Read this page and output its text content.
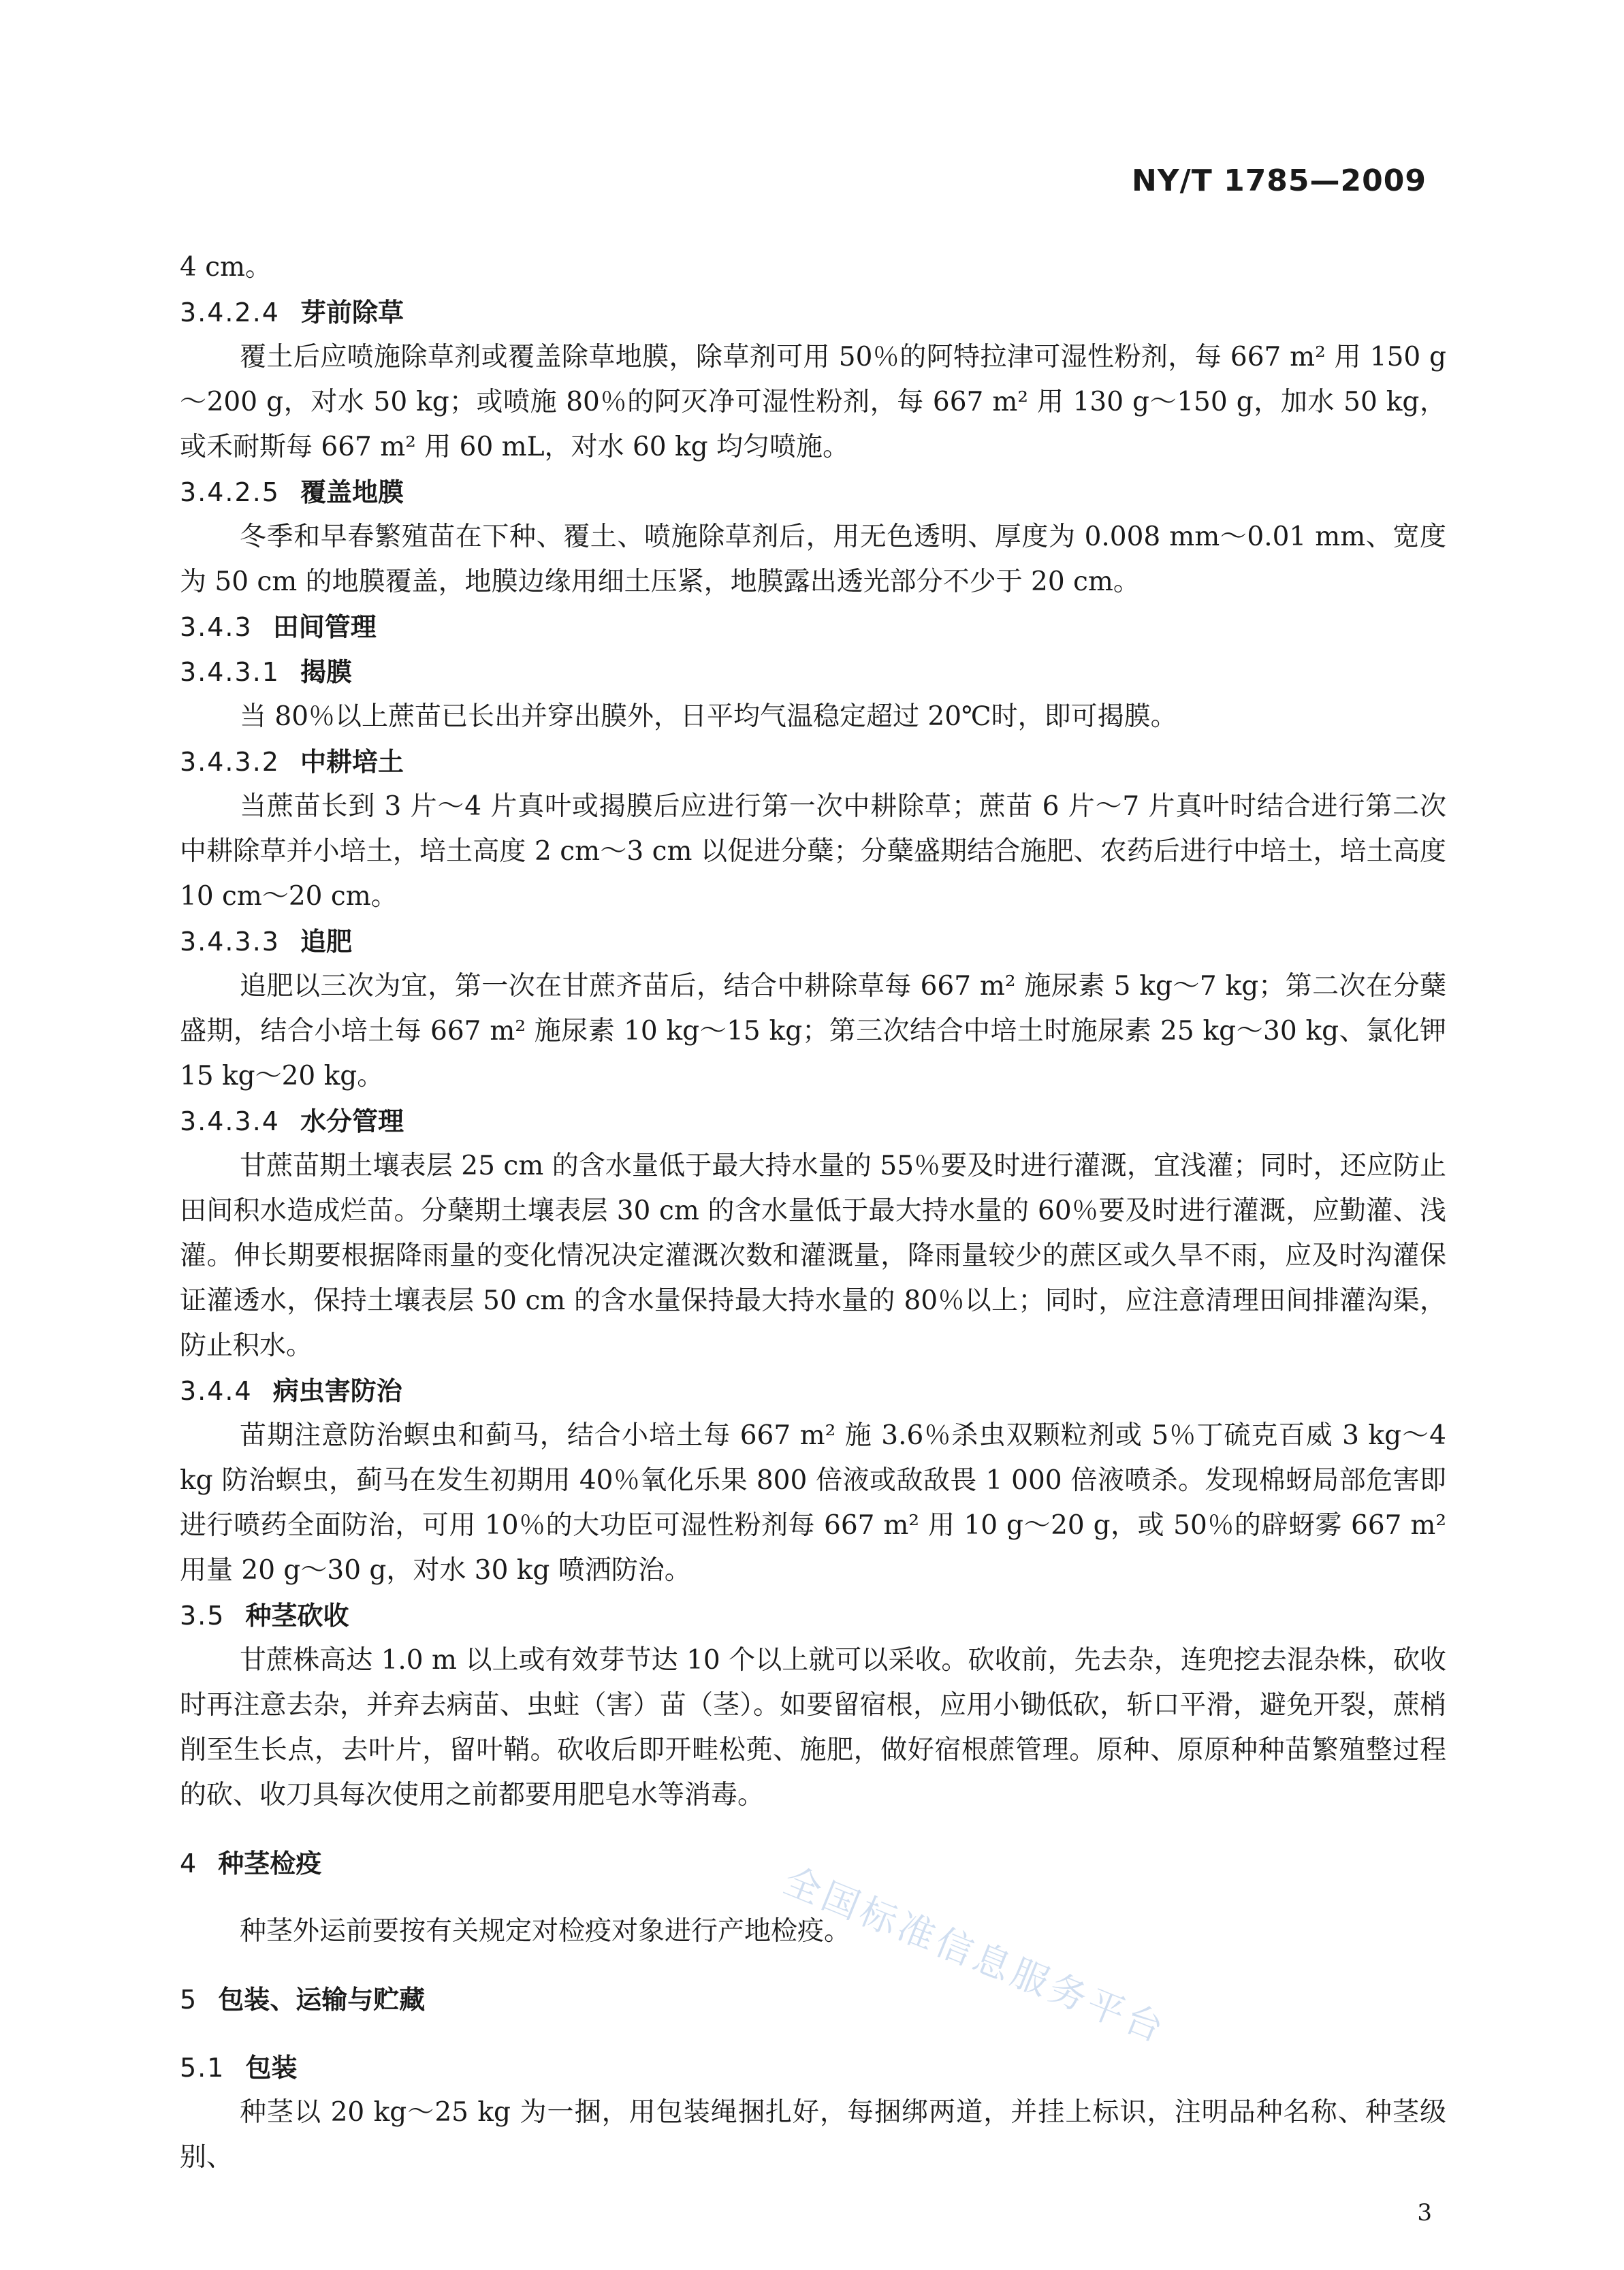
NY/T 1785—2009

4 cm。

3.4.2.4 芽前除草

覆土后应喷施除草剂或覆盖除草地膜，除草剂可用 50％的阿特拉津可湿性粉剂，每 667 m² 用 150 g～200 g，对水 50 kg；或喷施 80％的阿灭净可湿性粉剂，每 667 m² 用 130 g～150 g，加水 50 kg，或禾耐斯每 667 m² 用 60 mL，对水 60 kg 均匀喷施。

3.4.2.5 覆盖地膜

冬季和早春繁殖苗在下种、覆土、喷施除草剂后，用无色透明、厚度为 0.008 mm～0.01 mm、宽度为 50 cm 的地膜覆盖，地膜边缘用细土压紧，地膜露出透光部分不少于 20 cm。

3.4.3 田间管理
3.4.3.1 揭膜

当 80％以上蔗苗已长出并穿出膜外，日平均气温稳定超过 20℃时，即可揭膜。

3.4.3.2 中耕培土

当蔗苗长到 3 片～4 片真叶或揭膜后应进行第一次中耕除草；蔗苗 6 片～7 片真叶时结合进行第二次中耕除草并小培土，培土高度 2 cm～3 cm 以促进分蘖；分蘖盛期结合施肥、农药后进行中培土，培土高度 10 cm～20 cm。

3.4.3.3 追肥

追肥以三次为宜，第一次在甘蔗齐苗后，结合中耕除草每 667 m² 施尿素 5 kg～7 kg；第二次在分蘖盛期，结合小培土每 667 m² 施尿素 10 kg～15 kg；第三次结合中培土时施尿素 25 kg～30 kg、氯化钾 15 kg～20 kg。

3.4.3.4 水分管理

甘蔗苗期土壤表层 25 cm 的含水量低于最大持水量的 55％要及时进行灌溉，宜浅灌；同时，还应防止田间积水造成烂苗。分蘖期土壤表层 30 cm 的含水量低于最大持水量的 60％要及时进行灌溉，应勤灌、浅灌。伸长期要根据降雨量的变化情况决定灌溉次数和灌溉量，降雨量较少的蔗区或久旱不雨，应及时沟灌保证灌透水，保持土壤表层 50 cm 的含水量保持最大持水量的 80％以上；同时，应注意清理田间排灌沟渠，防止积水。

3.4.4 病虫害防治

苗期注意防治螟虫和蓟马，结合小培土每 667 m² 施 3.6％杀虫双颗粒剂或 5％丁硫克百威 3 kg～4 kg 防治螟虫，蓟马在发生初期用 40％氧化乐果 800 倍液或敌敌畏 1 000 倍液喷杀。发现棉蚜局部危害即进行喷药全面防治，可用 10％的大功臣可湿性粉剂每 667 m² 用 10 g～20 g，或 50％的辟蚜雾 667 m² 用量 20 g～30 g，对水 30 kg 喷洒防治。

3.5 种茎砍收

甘蔗株高达 1.0 m 以上或有效芽节达 10 个以上就可以采收。砍收前，先去杂，连兜挖去混杂株，砍收时再注意去杂，并弃去病苗、虫蛀（害）苗（茎）。如要留宿根，应用小锄低砍，斩口平滑，避免开裂，蔗梢削至生长点，去叶片，留叶鞘。砍收后即开畦松蔸、施肥，做好宿根蔗管理。原种、原原种种苗繁殖整过程的砍、收刀具每次使用之前都要用肥皂水等消毒。

4 种茎检疫

种茎外运前要按有关规定对检疫对象进行产地检疫。

5 包装、运输与贮藏
5.1 包装

种茎以 20 kg～25 kg 为一捆，用包装绳捆扎好，每捆绑两道，并挂上标识，注明品种名称、种茎级别、

全国标准信息服务平台
3
